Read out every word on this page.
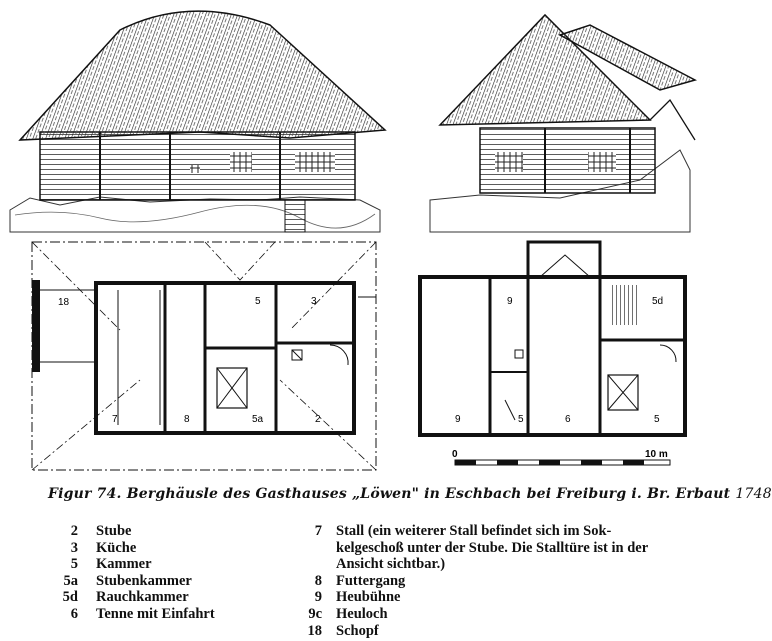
0	10 m
18	5	3
7	8	5a	2
9	5d
9	5	6	5
Figur 74. Berghäusle des Gasthauses „Löwen" in Eschbach bei Freiburg i. Br. Erbaut 1748
2	Stube
3	Küche
5	Kammer
5a	Stubenkammer
5d	Rauchkammer
6	Tenne mit Einfahrt
7 Stall (ein weiterer Stall befindet sich im Sok-kelgeschoß unter der Stube. Die Stalltüre ist in der Ansicht sichtbar.)
8 Futtergang
9 Heubühne
9c Heuloch
18 Schopf
